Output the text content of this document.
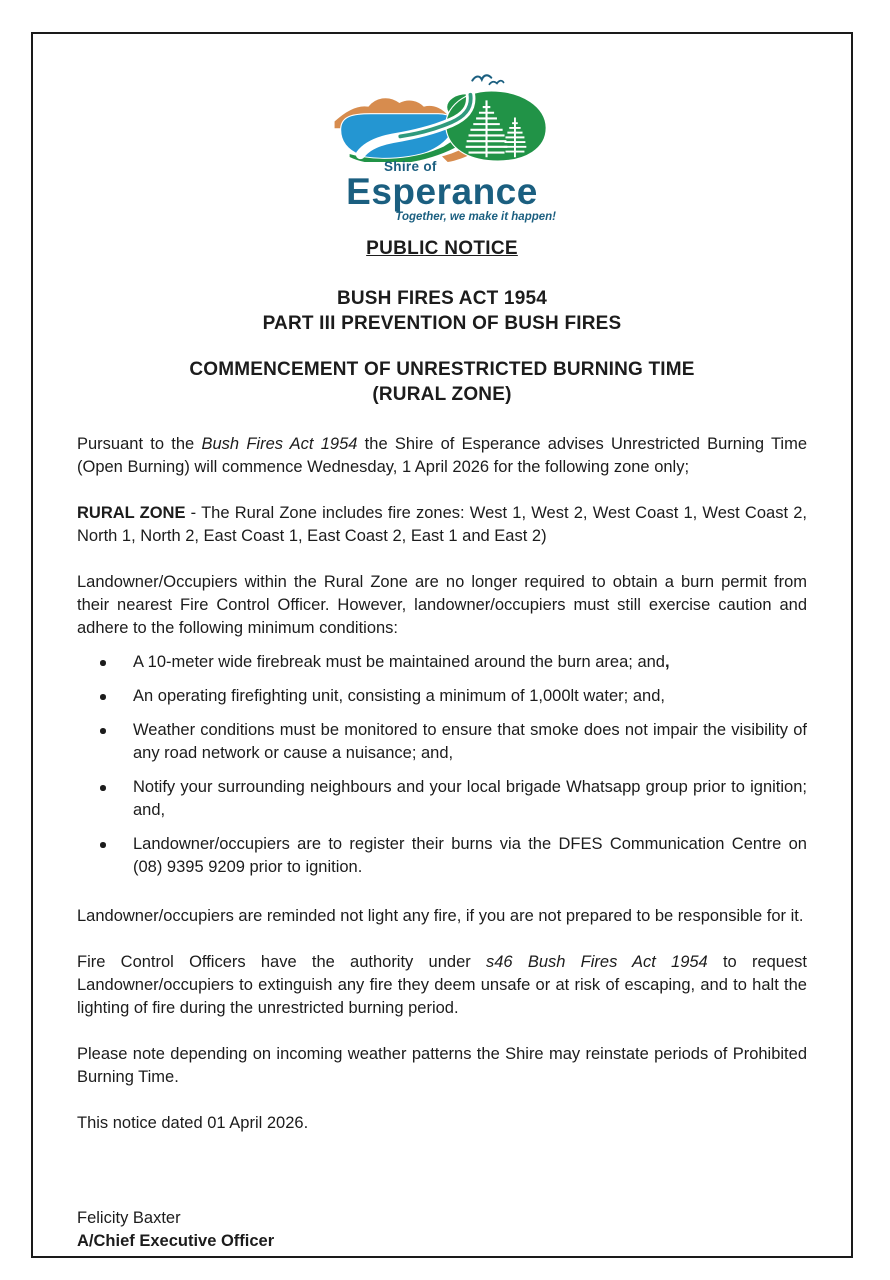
Shire of
Esperance
Together, we make it happen!
PUBLIC NOTICE
BUSH FIRES ACT 1954
PART III PREVENTION OF BUSH FIRES
COMMENCEMENT OF UNRESTRICTED BURNING TIME
(RURAL ZONE)

Pursuant to the Bush Fires Act 1954 the Shire of Esperance advises Unrestricted Burning Time (Open Burning) will commence Wednesday, 1 April 2026 for the following zone only;

RURAL ZONE - The Rural Zone includes fire zones: West 1, West 2, West Coast 1, West Coast 2, North 1, North 2, East Coast 1, East Coast 2, East 1 and East 2)

Landowner/Occupiers within the Rural Zone are no longer required to obtain a burn permit from their nearest Fire Control Officer. However, landowner/occupiers must still exercise caution and adhere to the following minimum conditions:

A 10-meter wide firebreak must be maintained around the burn area; and,
An operating firefighting unit, consisting a minimum of 1,000lt water; and,
Weather conditions must be monitored to ensure that smoke does not impair the visibility of any road network or cause a nuisance; and,
Notify your surrounding neighbours and your local brigade Whatsapp group prior to ignition; and,
Landowner/occupiers are to register their burns via the DFES Communication Centre on (08) 9395 9209 prior to ignition.

Landowner/occupiers are reminded not light any fire, if you are not prepared to be responsible for it.

Fire Control Officers have the authority under s46 Bush Fires Act 1954 to request Landowner/occupiers to extinguish any fire they deem unsafe or at risk of escaping, and to halt the lighting of fire during the unrestricted burning period.

Please note depending on incoming weather patterns the Shire may reinstate periods of Prohibited Burning Time.

This notice dated 01 April 2026.

Felicity Baxter
A/Chief Executive Officer
